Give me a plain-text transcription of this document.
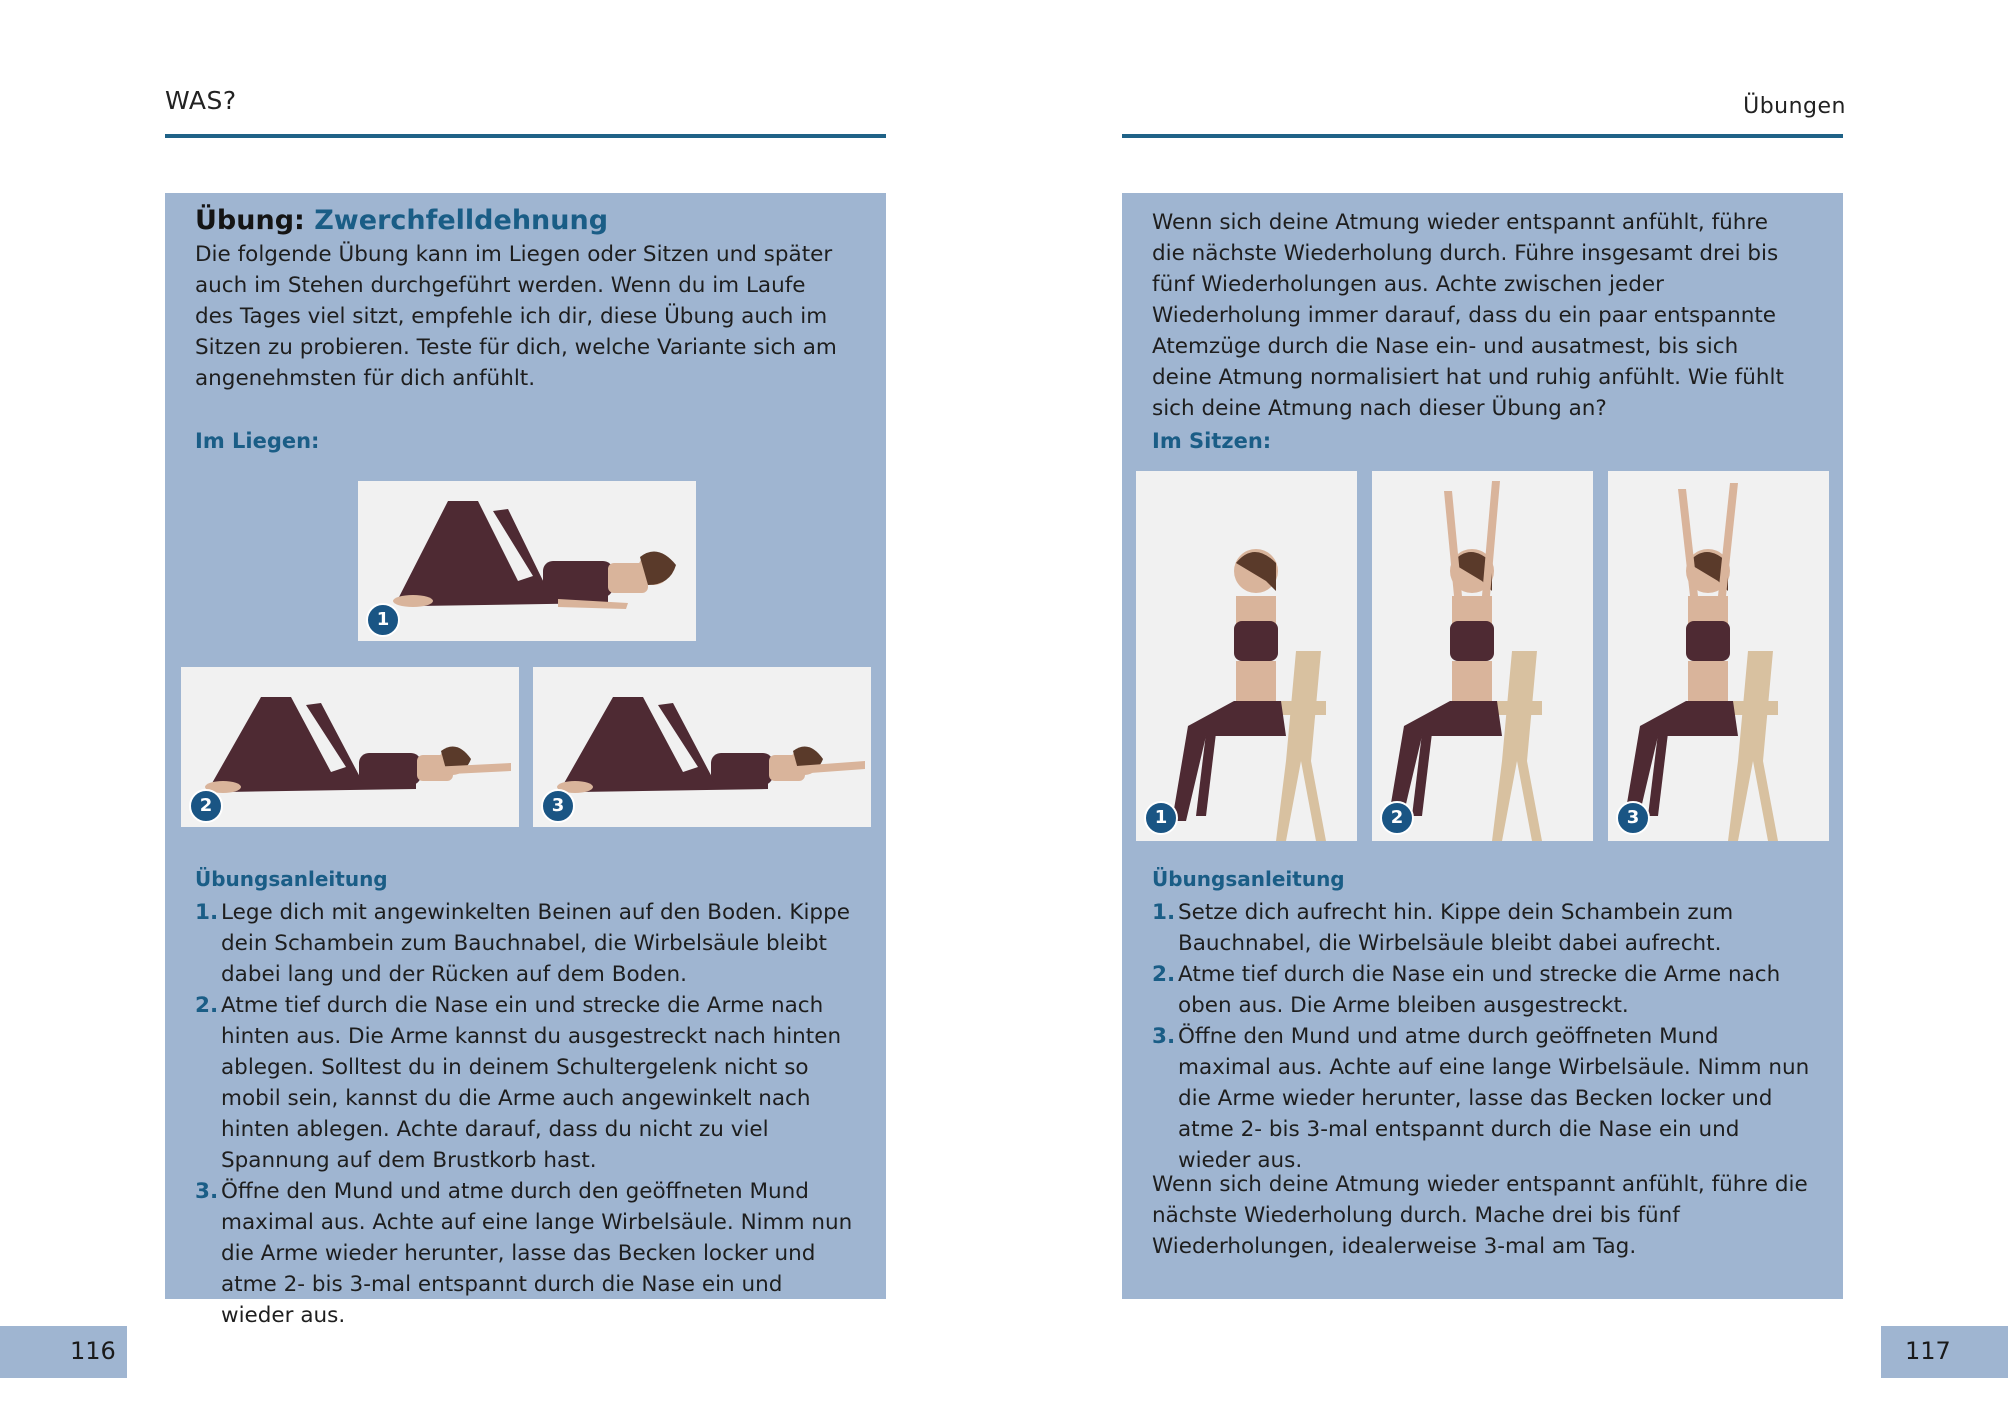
WAS?
Übung: Zwerchfelldehnung
Die folgende Übung kann im Liegen oder Sitzen und später auch im Stehen durchgeführt werden. Wenn du im Laufe des Tages viel sitzt, empfehle ich dir, diese Übung auch im Sitzen zu probieren. Teste für dich, welche Variante sich am angenehmsten für dich anfühlt.
Im Liegen:
1
2	3
Übungsanleitung
1. Lege dich mit angewinkelten Beinen auf den Boden. Kippe dein Schambein zum Bauchnabel, die Wirbelsäule bleibt dabei lang und der Rücken auf dem Boden.
2. Atme tief durch die Nase ein und strecke die Arme nach hinten aus. Die Arme kannst du ausgestreckt nach hinten ablegen. Solltest du in deinem Schultergelenk nicht so mobil sein, kannst du die Arme auch angewinkelt nach hinten ablegen. Achte darauf, dass du nicht zu viel Spannung auf dem Brustkorb hast.
3. Öffne den Mund und atme durch den geöffneten Mund maximal aus. Achte auf eine lange Wirbelsäule. Nimm nun die Arme wieder herunter, lasse das Becken locker und atme 2- bis 3-mal entspannt durch die Nase ein und wieder aus.
116
Übungen
Wenn sich deine Atmung wieder entspannt anfühlt, führe die nächste Wiederholung durch. Führe insgesamt drei bis fünf Wiederholungen aus. Achte zwischen jeder Wiederholung immer darauf, dass du ein paar entspannte Atemzüge durch die Nase ein- und ausatmest, bis sich deine Atmung normalisiert hat und ruhig anfühlt. Wie fühlt sich deine Atmung nach dieser Übung an?
Im Sitzen:
1	2	3
Übungsanleitung
1. Setze dich aufrecht hin. Kippe dein Schambein zum Bauchnabel, die Wirbelsäule bleibt dabei aufrecht.
2. Atme tief durch die Nase ein und strecke die Arme nach oben aus. Die Arme bleiben ausgestreckt.
3. Öffne den Mund und atme durch geöffneten Mund maximal aus. Achte auf eine lange Wirbelsäule. Nimm nun die Arme wieder herunter, lasse das Becken locker und atme 2- bis 3-mal entspannt durch die Nase ein und wieder aus.
Wenn sich deine Atmung wieder entspannt anfühlt, führe die nächste Wiederholung durch. Mache drei bis fünf Wiederholungen, idealerweise 3-mal am Tag.
117
